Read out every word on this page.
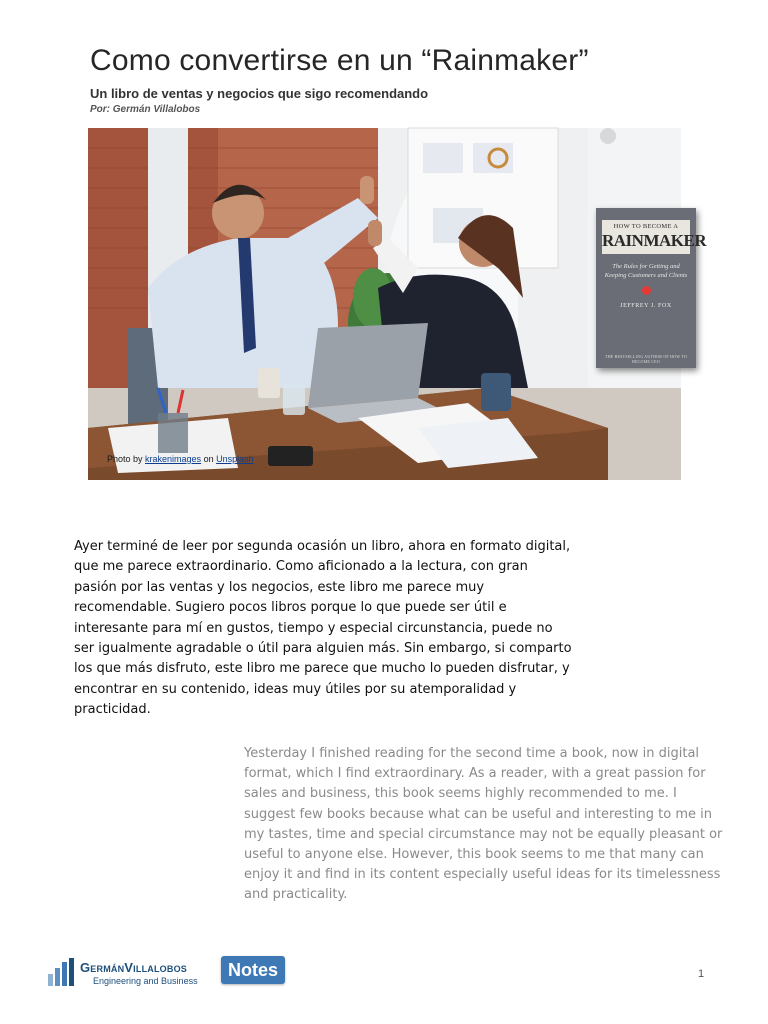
Como convertirse en un “Rainmaker”
Un libro de ventas y negocios que sigo recomendando
Por: Germán Villalobos
HOW TO BECOME A
RAINMAKER
The Rules for Getting and Keeping Customers and Clients
JEFFREY J. FOX
THE BESTSELLING AUTHOR OF HOW TO BECOME CEO
Photo by krakenimages on Unsplash

Ayer terminé de leer por segunda ocasión un libro, ahora en formato digital, que me parece extraordinario. Como aficionado a la lectura, con gran pasión por las ventas y los negocios, este libro me parece muy recomendable. Sugiero pocos libros porque lo que puede ser útil e interesante para mí en gustos, tiempo y especial circunstancia, puede no ser igualmente agradable o útil para alguien más. Sin embargo, si comparto los que más disfruto, este libro me parece que mucho lo pueden disfrutar, y encontrar en su contenido, ideas muy útiles por su atemporalidad y practicidad.

Yesterday I finished reading for the second time a book, now in digital format, which I find extraordinary. As a reader, with a great passion for sales and business, this book seems highly recommended to me. I suggest few books because what can be useful and interesting to me in my tastes, time and special circumstance may not be equally pleasant or useful to anyone else. However, this book seems to me that many can enjoy it and find in its content especially useful ideas for its timelessness and practicality.

GermánVillalobos
Engineering and Business
Notes	1
